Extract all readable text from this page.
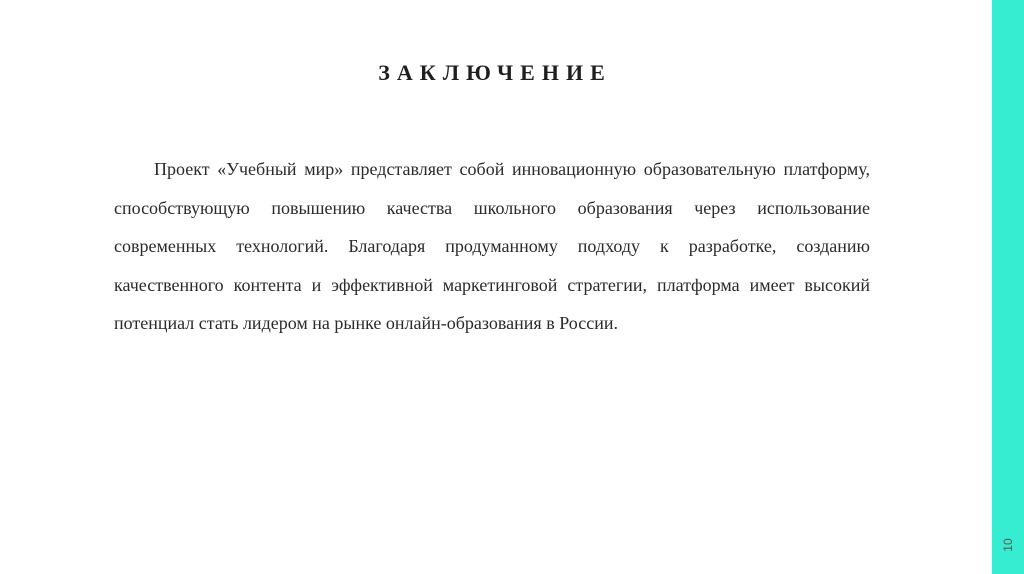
ЗАКЛЮЧЕНИЕ

Проект «Учебный мир» представляет собой инновационную образовательную платформу, способствующую повышению качества школьного образования через использование современных технологий. Благодаря продуманному подходу к разработке, созданию качественного контента и эффективной маркетинговой стратегии, платформа имеет высокий потенциал стать лидером на рынке онлайн-образования в России.

10
